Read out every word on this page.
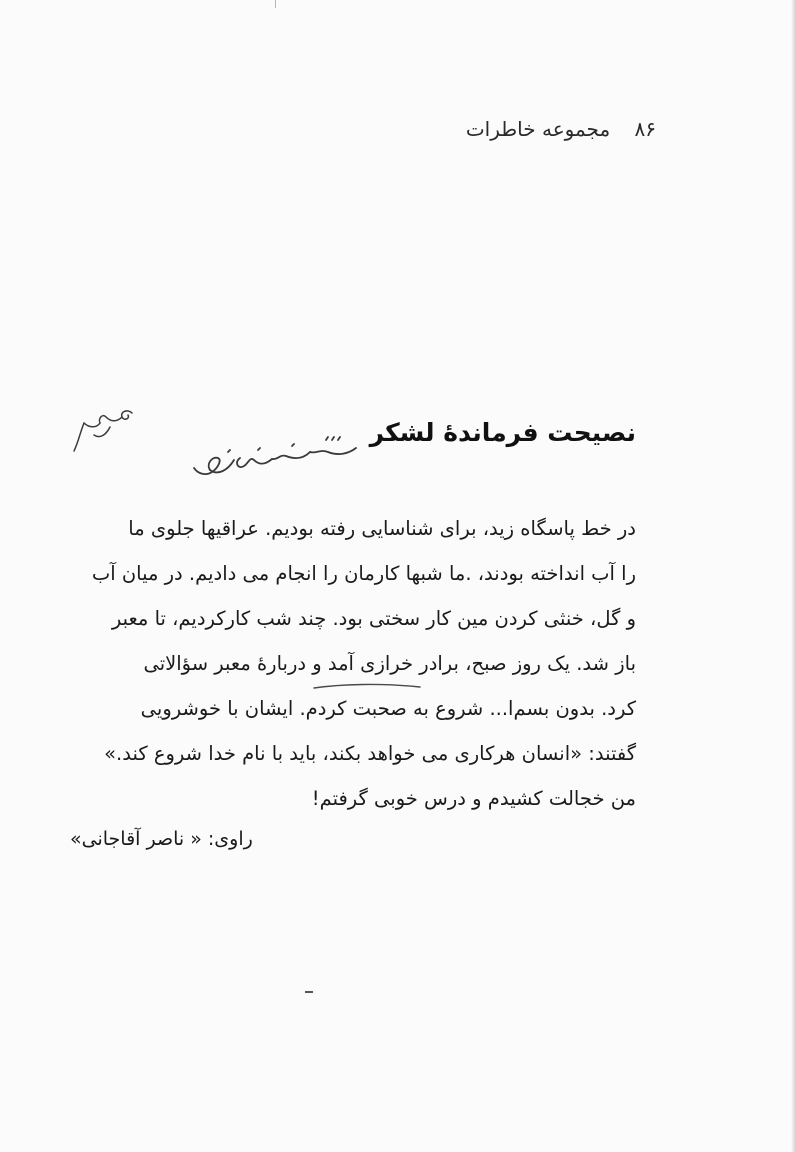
۸۶ مجموعه خاطرات
نصیحت فرماندهٔ لشکر
در خط پاسگاه زید، برای شناسایی رفته بودیم. عراقیها جلوی ما
را آب انداخته بودند، .ما شبها کارمان را انجام می دادیم. در میان آب
و گل، خنثی کردن مین کار سختی بود. چند شب کارکردیم، تا معبر
باز شد. یک روز صبح، برادر خرازی آمد و دربارهٔ معبر سؤالاتی
کرد. بدون بسم‌ا... شروع به صحبت کردم. ایشان با خوشرویی
گفتند: «انسان هرکاری می خواهد بکند، باید با نام خدا شروع کند.»
من خجالت کشیدم و درس خوبی گرفتم!
راوی: « ناصر آقاجانی»
